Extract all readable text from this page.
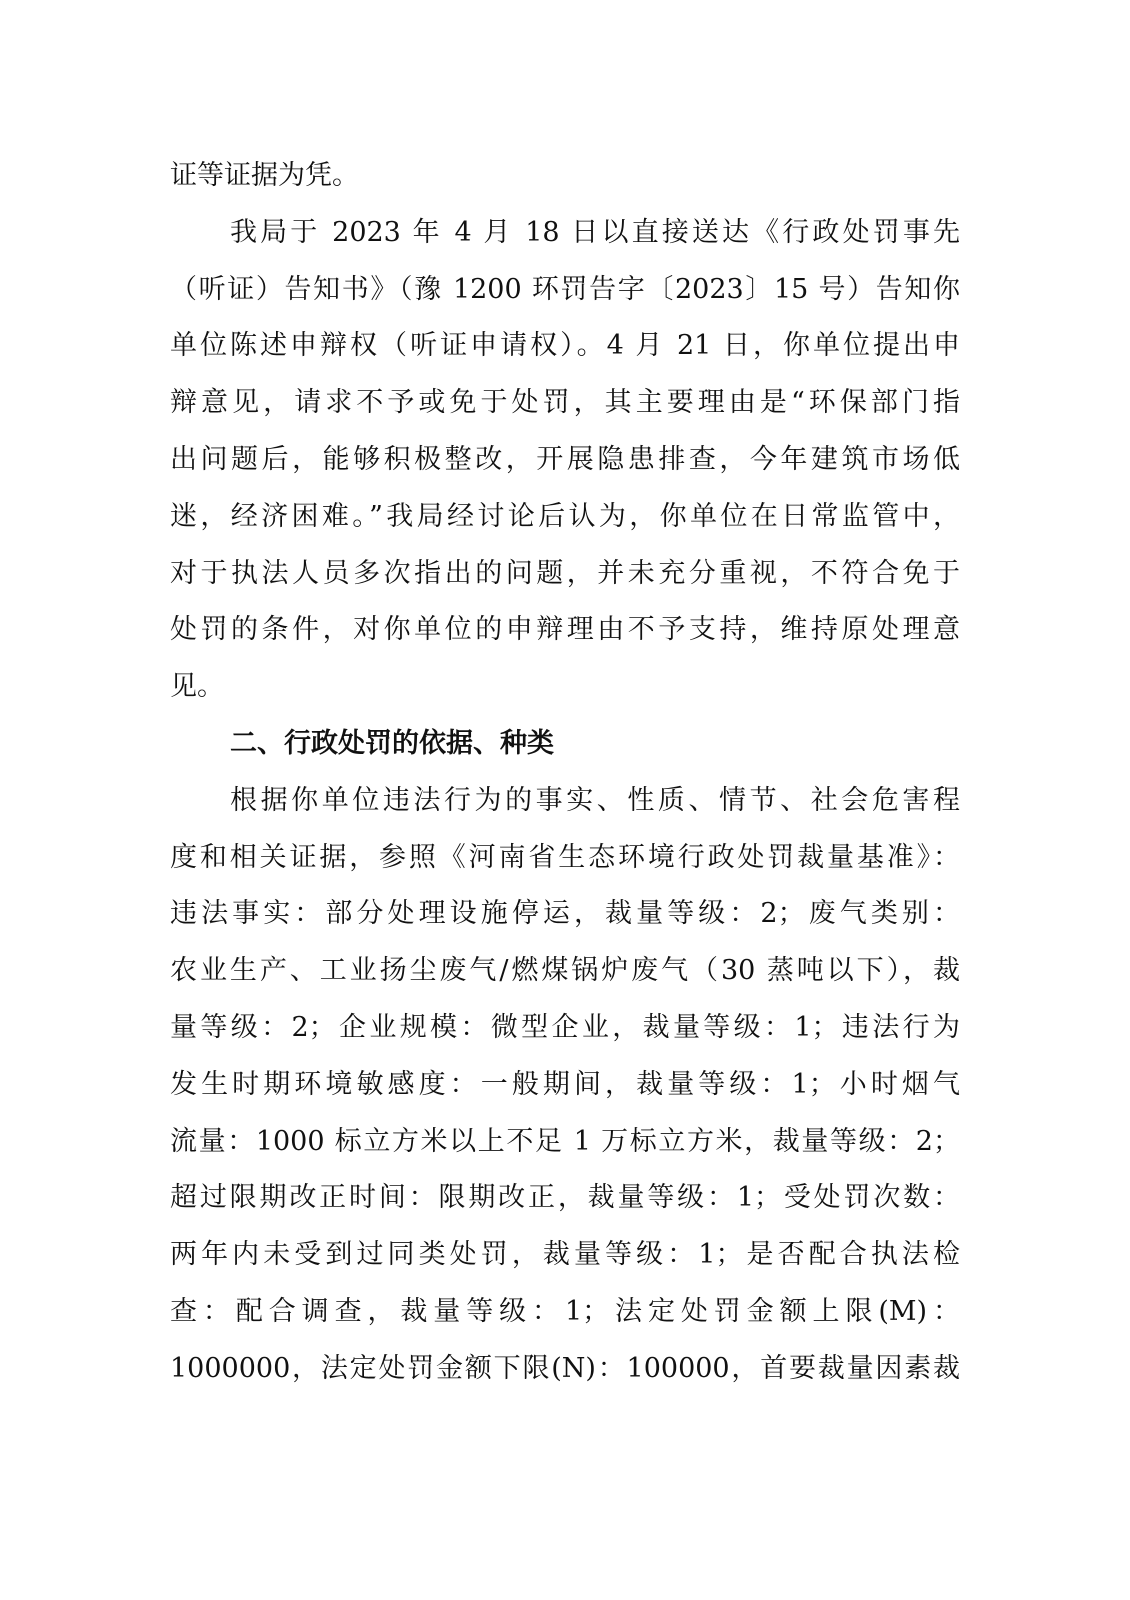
证等证据为凭。
我局于 2023 年 4 月 18 日以直接送达《行政处罚事先
（听证）告知书》（豫 1200 环罚告字〔2023〕15 号）告知你
单位陈述申辩权（听证申请权）。4 月 21 日，你单位提出申
辩意见，请求不予或免于处罚，其主要理由是“环保部门指
出问题后，能够积极整改，开展隐患排查，今年建筑市场低
迷，经济困难。”我局经讨论后认为，你单位在日常监管中，
对于执法人员多次指出的问题，并未充分重视，不符合免于
处罚的条件，对你单位的申辩理由不予支持，维持原处理意
见。
二、行政处罚的依据、种类
根据你单位违法行为的事实、性质、情节、社会危害程
度和相关证据，参照《河南省生态环境行政处罚裁量基准》：
违法事实：部分处理设施停运，裁量等级：2；废气类别：
农业生产、工业扬尘废气/燃煤锅炉废气（30 蒸吨以下），裁
量等级：2；企业规模：微型企业，裁量等级：1；违法行为
发生时期环境敏感度：一般期间，裁量等级：1；小时烟气
流量：1000 标立方米以上不足 1 万标立方米，裁量等级：2；
超过限期改正时间：限期改正，裁量等级：1；受处罚次数：
两年内未受到过同类处罚，裁量等级：1；是否配合执法检
查：配合调查，裁量等级：1；法定处罚金额上限(M)：
1000000，法定处罚金额下限(N)：100000，首要裁量因素裁
